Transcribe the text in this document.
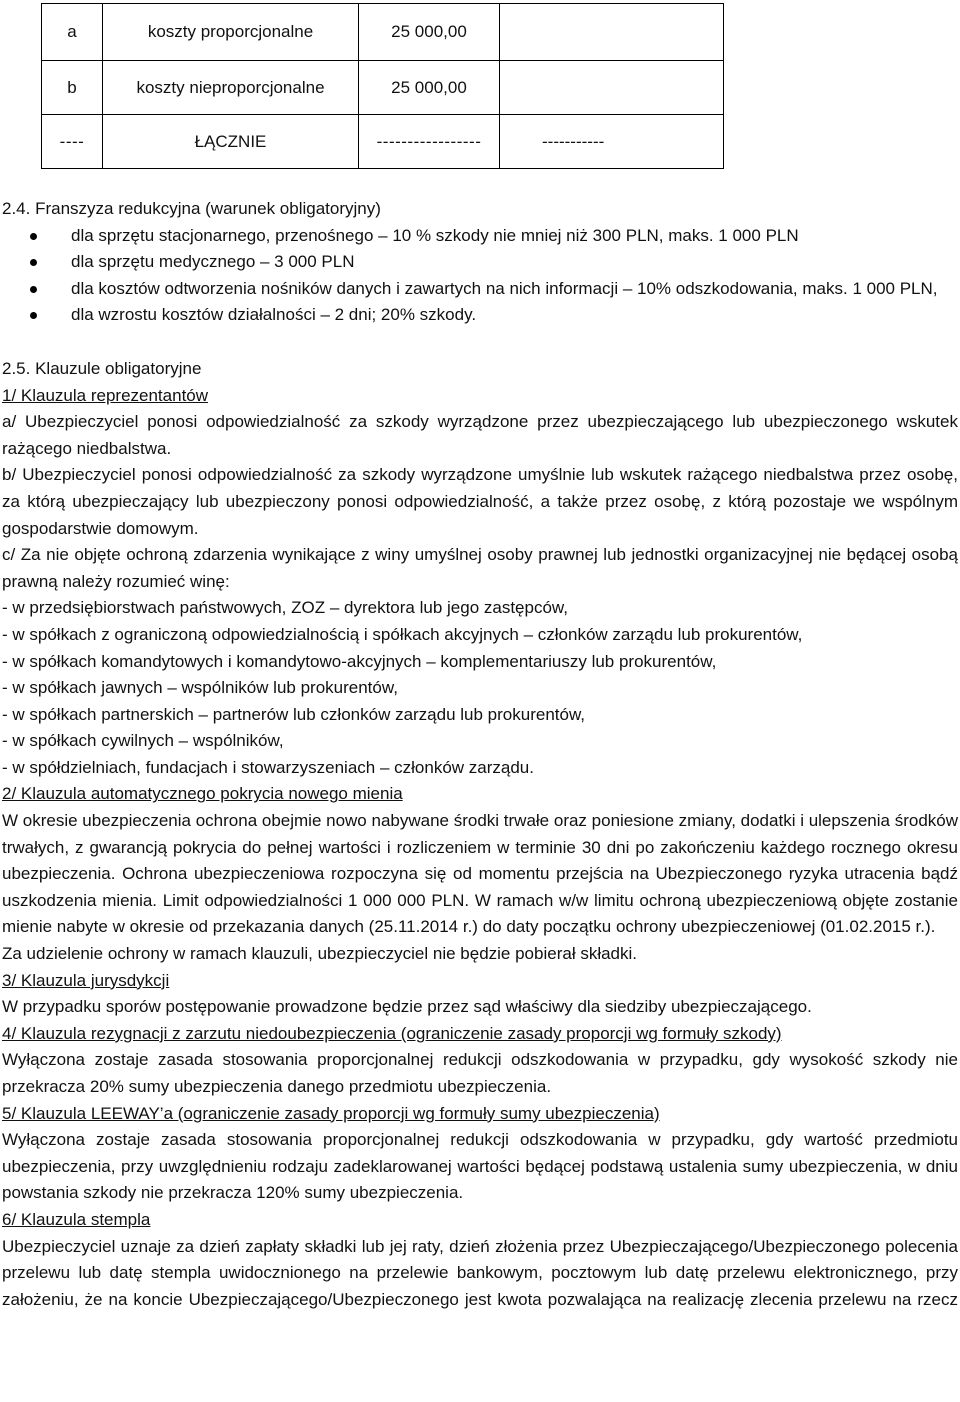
a	koszty proporcjonalne	25 000,00	
b	koszty nieproporcjonalne	25 000,00	
----	ŁĄCZNIE	-----------------	-----------

2.4. Franszyza redukcyjna (warunek obligatoryjny)

dla sprzętu stacjonarnego, przenośnego – 10 % szkody nie mniej niż 300 PLN, maks. 1 000 PLN
dla sprzętu medycznego – 3 000 PLN
dla kosztów odtworzenia nośników danych i zawartych na nich informacji – 10% odszkodowania, maks. 1 000 PLN,
dla wzrostu kosztów działalności – 2 dni; 20% szkody.

2.5. Klauzule obligatoryjne

1/ Klauzula reprezentantów

a/ Ubezpieczyciel ponosi odpowiedzialność za szkody wyrządzone przez ubezpieczającego lub ubezpieczonego wskutek rażącego niedbalstwa.

b/ Ubezpieczyciel ponosi odpowiedzialność za szkody wyrządzone umyślnie lub wskutek rażącego niedbalstwa przez osobę, za którą ubezpieczający lub ubezpieczony ponosi odpowiedzialność, a także przez osobę, z którą pozostaje we wspólnym gospodarstwie domowym.

c/ Za nie objęte ochroną zdarzenia wynikające z winy umyślnej osoby prawnej lub jednostki organizacyjnej nie będącej osobą prawną należy rozumieć winę:

- w przedsiębiorstwach państwowych, ZOZ – dyrektora lub jego zastępców,

- w spółkach z ograniczoną odpowiedzialnością i spółkach akcyjnych – członków zarządu lub prokurentów,

- w spółkach komandytowych i komandytowo-akcyjnych – komplementariuszy lub prokurentów,

- w spółkach jawnych – wspólników lub prokurentów,

- w spółkach partnerskich – partnerów lub członków zarządu lub prokurentów,

- w spółkach cywilnych – wspólników,

- w spółdzielniach, fundacjach i stowarzyszeniach – członków zarządu.

2/ Klauzula automatycznego pokrycia nowego mienia

W okresie ubezpieczenia ochrona obejmie nowo nabywane środki trwałe oraz poniesione zmiany, dodatki i ulepszenia środków trwałych, z gwarancją pokrycia do pełnej wartości i rozliczeniem w terminie 30 dni po zakończeniu każdego rocznego okresu ubezpieczenia. Ochrona ubezpieczeniowa rozpoczyna się od momentu przejścia na Ubezpieczonego ryzyka utracenia bądź uszkodzenia mienia. Limit odpowiedzialności 1 000 000 PLN. W ramach w/w limitu ochroną ubezpieczeniową objęte zostanie mienie nabyte w okresie od przekazania danych (25.11.2014 r.) do daty początku ochrony ubezpieczeniowej (01.02.2015 r.).

Za udzielenie ochrony w ramach klauzuli, ubezpieczyciel nie będzie pobierał składki.

3/ Klauzula jurysdykcji

W przypadku sporów postępowanie prowadzone będzie przez sąd właściwy dla siedziby ubezpieczającego.

4/ Klauzula rezygnacji z zarzutu niedoubezpieczenia (ograniczenie zasady proporcji wg formuły szkody)

Wyłączona zostaje zasada stosowania proporcjonalnej redukcji odszkodowania w przypadku, gdy wysokość szkody nie przekracza 20% sumy ubezpieczenia danego przedmiotu ubezpieczenia.

5/ Klauzula LEEWAY’a (ograniczenie zasady proporcji wg formuły sumy ubezpieczenia)

Wyłączona zostaje zasada stosowania proporcjonalnej redukcji odszkodowania w przypadku, gdy wartość przedmiotu ubezpieczenia, przy uwzględnieniu rodzaju zadeklarowanej wartości będącej podstawą ustalenia sumy ubezpieczenia, w dniu powstania szkody nie przekracza 120% sumy ubezpieczenia.

6/ Klauzula stempla

Ubezpieczyciel uznaje za dzień zapłaty składki lub jej raty, dzień złożenia przez Ubezpieczającego/Ubezpieczonego polecenia przelewu lub datę stempla uwidocznionego na przelewie bankowym, pocztowym lub datę przelewu elektronicznego, przy założeniu, że na koncie Ubezpieczającego/Ubezpieczonego jest kwota pozwalająca na realizację zlecenia przelewu na rzecz
